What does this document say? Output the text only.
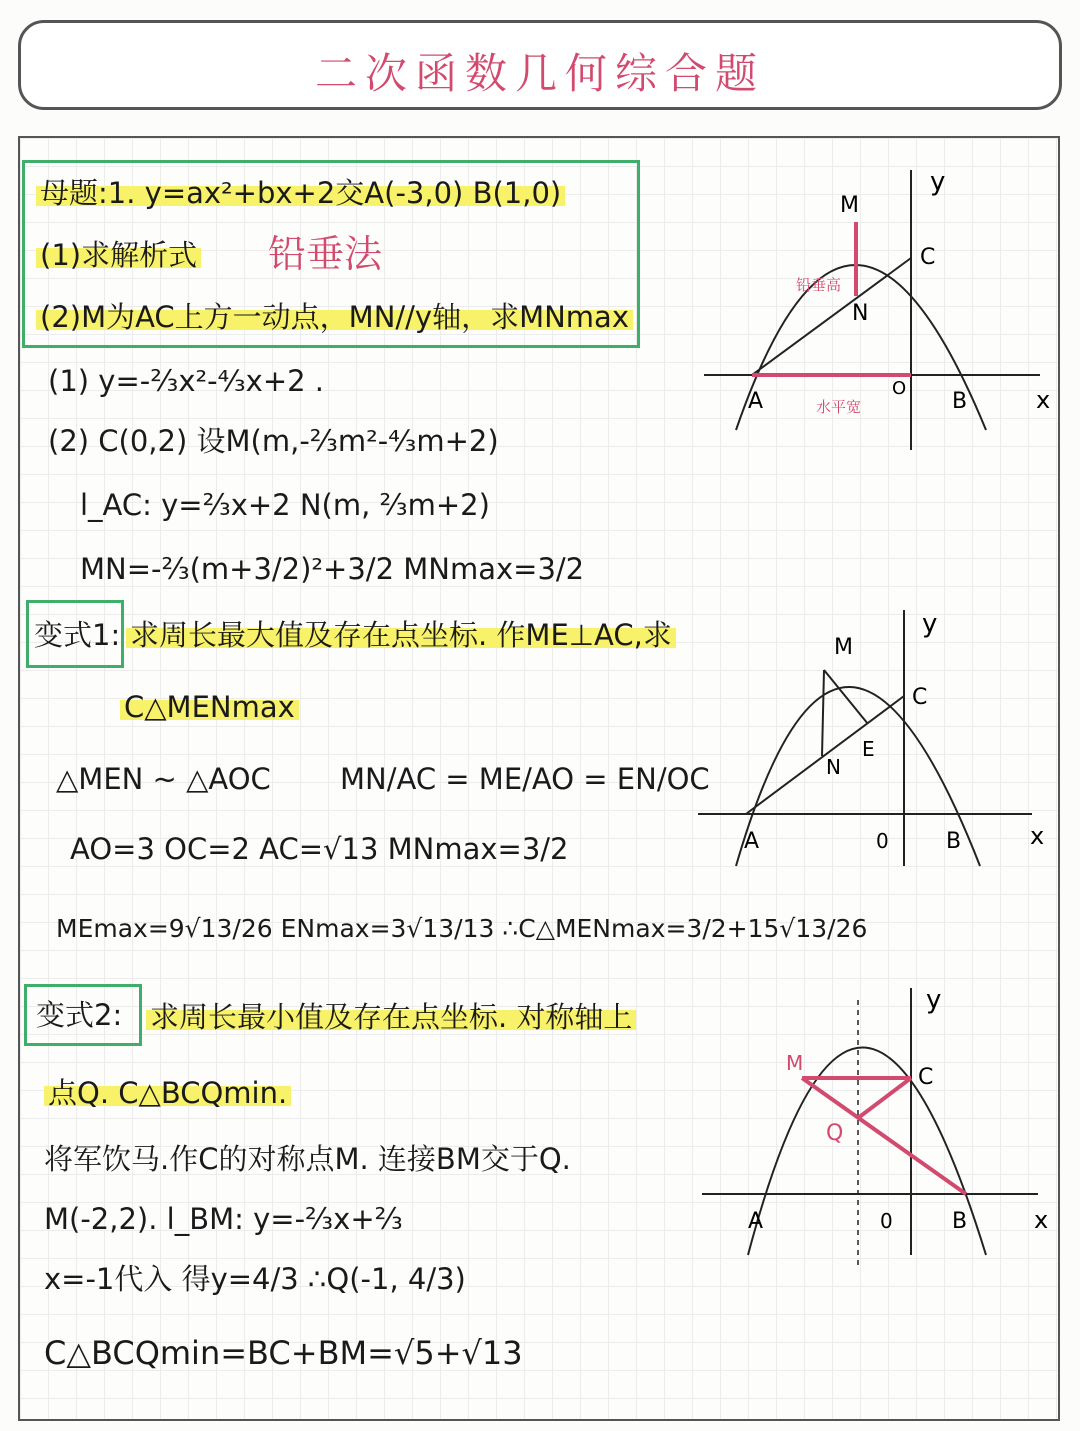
二次函数几何综合题
母题:1. y=ax²+bx+2交A(-3,0) B(1,0)
(1)求解析式 铅垂法
(2)M为AC上方一动点，MN//y轴，求MNmax
(1) y=-⅔x²-⁴⁄₃x+2 .
(2) C(0,2) 设M(m,-⅔m²-⁴⁄₃m+2)
l_AC: y=⅔x+2 N(m, ⅔m+2)
MN=-⅔(m+3/2)²+3/2 MNmax=3/2
变式1: 求周长最大值及存在点坐标. 作ME⊥AC,求
C△MENmax
△MEN ∼ △AOC MN/AC = ME/AO = EN/OC
AO=3 OC=2 AC=√13 MNmax=3/2
MEmax=9√13/26 ENmax=3√13/13 ∴C△MENmax=3/2+15√13/26
变式2: 求周长最小值及存在点坐标. 对称轴上
点Q. C△BCQmin.
将军饮马.作C的对称点M. 连接BM交于Q.
M(-2,2). l_BM: y=-⅔x+⅔
x=-1代入 得y=4/3 ∴Q(-1, 4/3)
C△BCQmin=BC+BM=√5+√13
y
x
M
C
N
A
O
B
铅垂高
水平宽
y
x
M
C
N
E
A	0	B
y
x
M
C
Q
A	0	B
